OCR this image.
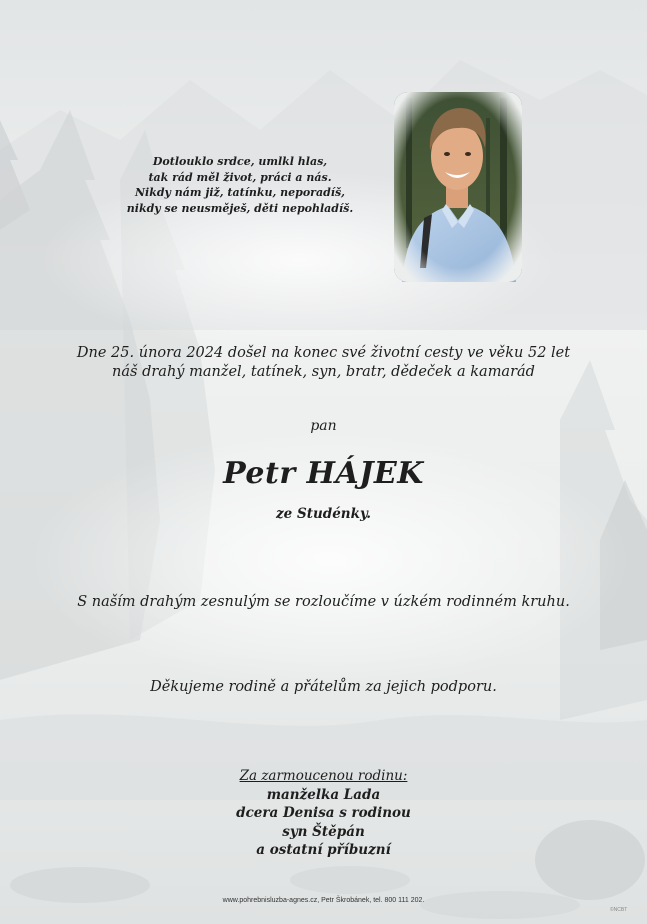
Dotlouklo srdce, umlkl hlas,
tak rád měl život, práci a nás.
Nikdy nám již, tatínku, neporadíš,
nikdy se neusměješ, děti nepohladíš.
Dne 25. února 2024 došel na konec své životní cesty ve věku 52 let
náš drahý manžel, tatínek, syn, bratr, dědeček a kamarád
pan
Petr HÁJEK
ze Studénky.
S naším drahým zesnulým se rozloučíme v úzkém rodinném kruhu.
Děkujeme rodině a přátelům za jejich podporu.
Za zarmoucenou rodinu:
manželka Lada
dcera Denisa s rodinou
syn Štěpán
a ostatní příbuzní
www.pohrebnisluzba-agnes.cz, Petr Škrobánek, tel. 800 111 202.
©NCBT
